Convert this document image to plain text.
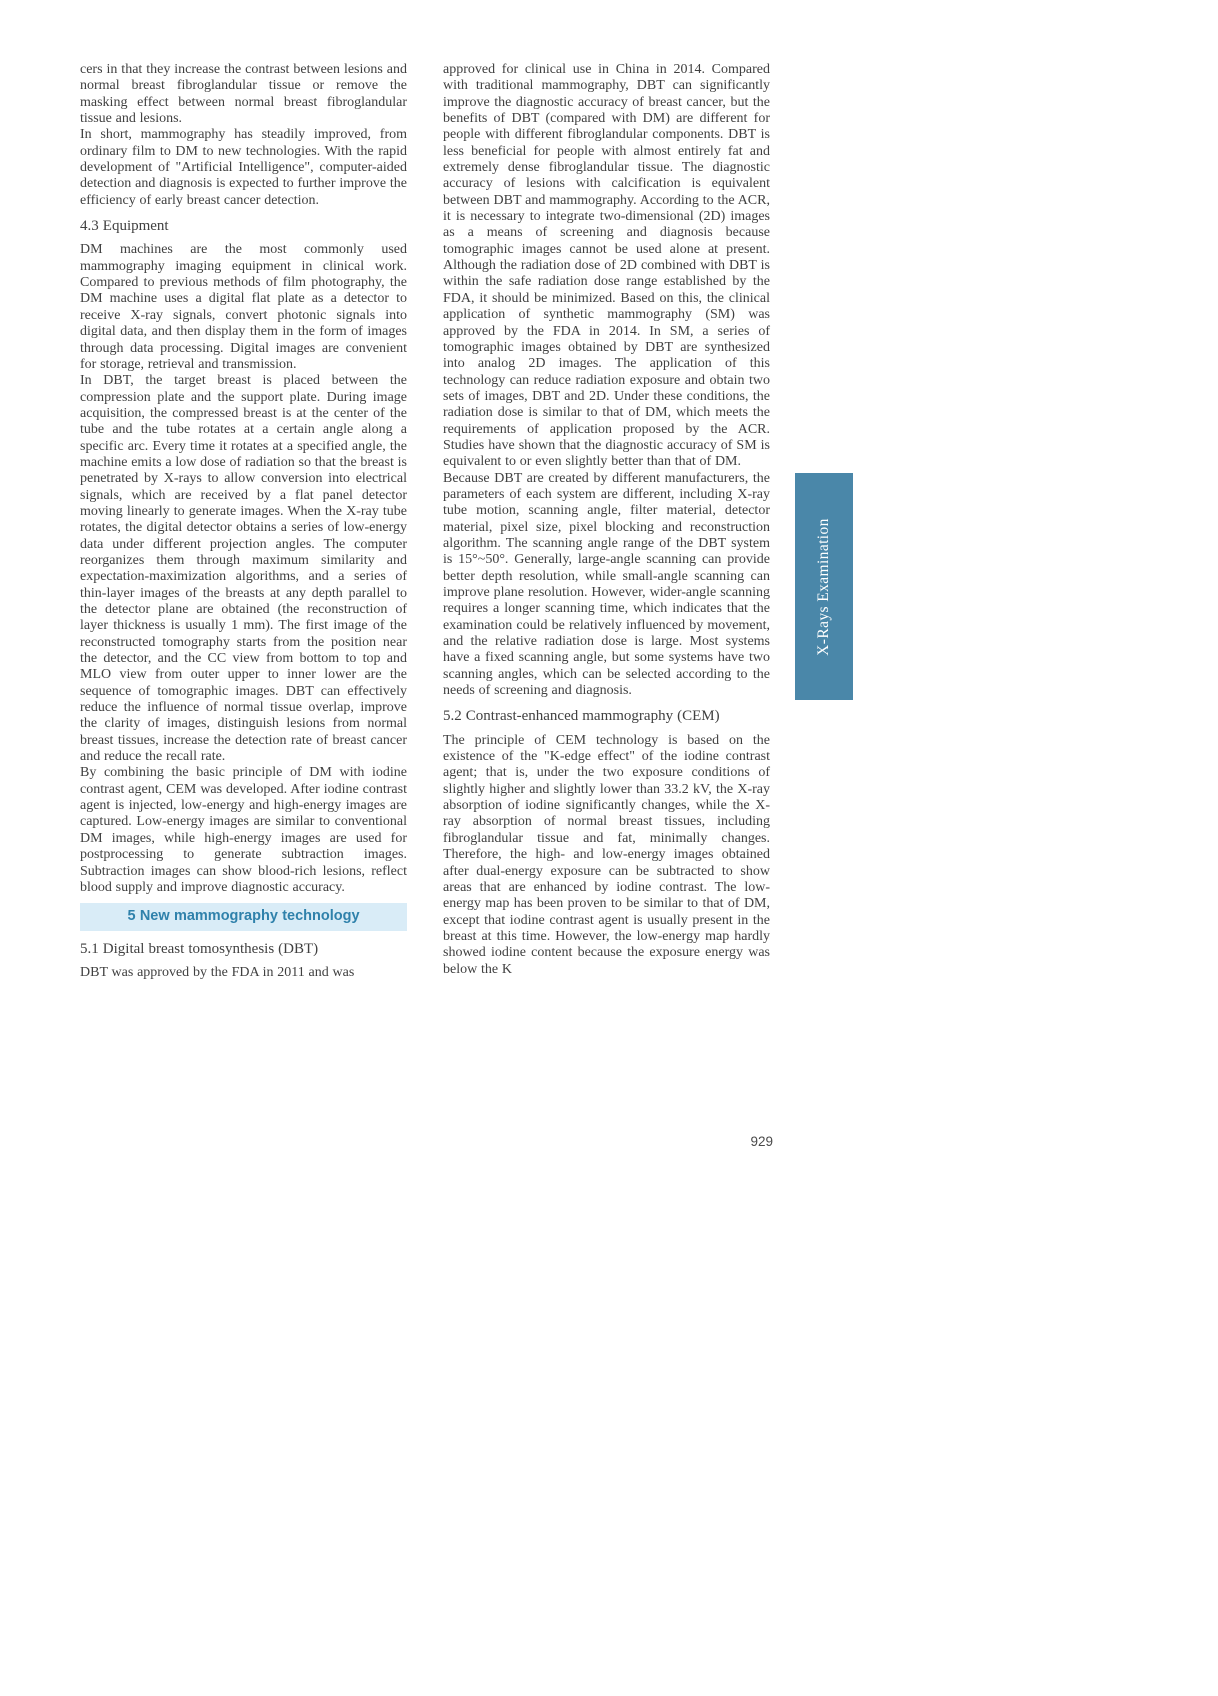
cers in that they increase the contrast between lesions and normal breast fibroglandular tissue or remove the masking effect between normal breast fibroglandular tissue and lesions.

In short, mammography has steadily improved, from ordinary film to DM to new technologies. With the rapid development of "Artificial Intelligence", computer-aided detection and diagnosis is expected to further improve the efficiency of early breast cancer detection.

4.3 Equipment

DM machines are the most commonly used mammography imaging equipment in clinical work. Compared to previous methods of film photography, the DM machine uses a digital flat plate as a detector to receive X-ray signals, convert photonic signals into digital data, and then display them in the form of images through data processing. Digital images are convenient for storage, retrieval and transmission.

In DBT, the target breast is placed between the compression plate and the support plate. During image acquisition, the compressed breast is at the center of the tube and the tube rotates at a certain angle along a specific arc. Every time it rotates at a specified angle, the machine emits a low dose of radiation so that the breast is penetrated by X-rays to allow conversion into electrical signals, which are received by a flat panel detector moving linearly to generate images. When the X-ray tube rotates, the digital detector obtains a series of low-energy data under different projection angles. The computer reorganizes them through maximum similarity and expectation-maximization algorithms, and a series of thin-layer images of the breasts at any depth parallel to the detector plane are obtained (the reconstruction of layer thickness is usually 1 mm). The first image of the reconstructed tomography starts from the position near the detector, and the CC view from bottom to top and MLO view from outer upper to inner lower are the sequence of tomographic images. DBT can effectively reduce the influence of normal tissue overlap, improve the clarity of images, distinguish lesions from normal breast tissues, increase the detection rate of breast cancer and reduce the recall rate.

By combining the basic principle of DM with iodine contrast agent, CEM was developed. After iodine contrast agent is injected, low-energy and high-energy images are captured. Low-energy images are similar to conventional DM images, while high-energy images are used for postprocessing to generate subtraction images. Subtraction images can show blood-rich lesions, reflect blood supply and improve diagnostic accuracy.

5 New mammography technology
5.1 Digital breast tomosynthesis (DBT)

DBT was approved by the FDA in 2011 and was

approved for clinical use in China in 2014. Compared with traditional mammography, DBT can significantly improve the diagnostic accuracy of breast cancer, but the benefits of DBT (compared with DM) are different for people with different fibroglandular components. DBT is less beneficial for people with almost entirely fat and extremely dense fibroglandular tissue. The diagnostic accuracy of lesions with calcification is equivalent between DBT and mammography. According to the ACR, it is necessary to integrate two-dimensional (2D) images as a means of screening and diagnosis because tomographic images cannot be used alone at present. Although the radiation dose of 2D combined with DBT is within the safe radiation dose range established by the FDA, it should be minimized. Based on this, the clinical application of synthetic mammography (SM) was approved by the FDA in 2014. In SM, a series of tomographic images obtained by DBT are synthesized into analog 2D images. The application of this technology can reduce radiation exposure and obtain two sets of images, DBT and 2D. Under these conditions, the radiation dose is similar to that of DM, which meets the requirements of application proposed by the ACR. Studies have shown that the diagnostic accuracy of SM is equivalent to or even slightly better than that of DM.

Because DBT are created by different manufacturers, the parameters of each system are different, including X-ray tube motion, scanning angle, filter material, detector material, pixel size, pixel blocking and reconstruction algorithm. The scanning angle range of the DBT system is 15°~50°. Generally, large-angle scanning can provide better depth resolution, while small-angle scanning can improve plane resolution. However, wider-angle scanning requires a longer scanning time, which indicates that the examination could be relatively influenced by movement, and the relative radiation dose is large. Most systems have a fixed scanning angle, but some systems have two scanning angles, which can be selected according to the needs of screening and diagnosis.

5.2 Contrast-enhanced mammography (CEM)

The principle of CEM technology is based on the existence of the "K-edge effect" of the iodine contrast agent; that is, under the two exposure conditions of slightly higher and slightly lower than 33.2 kV, the X-ray absorption of iodine significantly changes, while the X-ray absorption of normal breast tissues, including fibroglandular tissue and fat, minimally changes. Therefore, the high- and low-energy images obtained after dual-energy exposure can be subtracted to show areas that are enhanced by iodine contrast. The low-energy map has been proven to be similar to that of DM, except that iodine contrast agent is usually present in the breast at this time. However, the low-energy map hardly showed iodine content because the exposure energy was below the K

X-Rays Examination
929
